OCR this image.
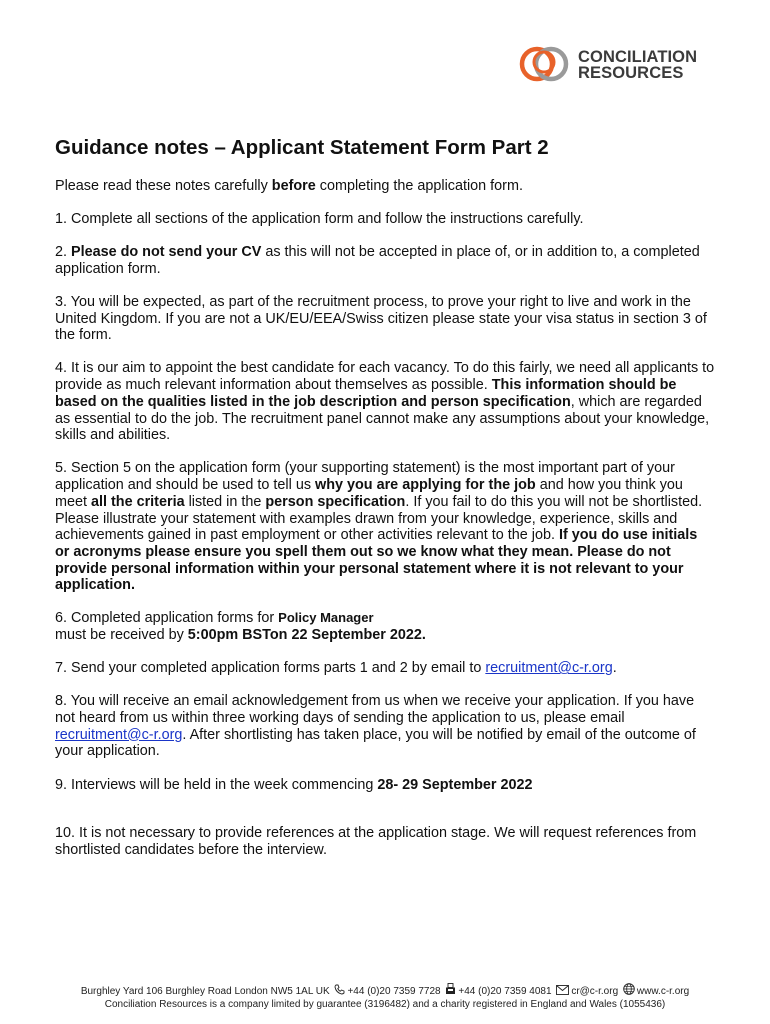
CONCILIATION
RESOURCES
Guidance notes – Applicant Statement Form Part 2

Please read these notes carefully before completing the application form.

1. Complete all sections of the application form and follow the instructions carefully.

2. Please do not send your CV as this will not be accepted in place of, or in addition to, a completed application form.

3. You will be expected, as part of the recruitment process, to prove your right to live and work in the United Kingdom. If you are not a UK/EU/EEA/Swiss citizen please state your visa status in section 3 of the form.

4. It is our aim to appoint the best candidate for each vacancy. To do this fairly, we need all applicants to provide as much relevant information about themselves as possible. This information should be based on the qualities listed in the job description and person specification, which are regarded as essential to do the job. The recruitment panel cannot make any assumptions about your knowledge, skills and abilities.

5. Section 5 on the application form (your supporting statement) is the most important part of your application and should be used to tell us why you are applying for the job and how you think you meet all the criteria listed in the person specification. If you fail to do this you will not be shortlisted. Please illustrate your statement with examples drawn from your knowledge, experience, skills and achievements gained in past employment or other activities relevant to the job. If you do use initials or acronyms please ensure you spell them out so we know what they mean. Please do not provide personal information within your personal statement where it is not relevant to your application.

6. Completed application forms for Policy Manager
must be received by 5:00pm BSTon 22 September 2022.

7. Send your completed application forms parts 1 and 2 by email to recruitment@c-r.org.

8. You will receive an email acknowledgement from us when we receive your application. If you have not heard from us within three working days of sending the application to us, please email recruitment@c-r.org. After shortlisting has taken place, you will be notified by email of the outcome of your application.

9. Interviews will be held in the week commencing 28- 29 September 2022

10. It is not necessary to provide references at the application stage. We will request references from shortlisted candidates before the interview.

Burghley Yard 106 Burghley Road London NW5 1AL UK +44 (0)20 7359 7728 +44 (0)20 7359 4081 cr@c-r.org www.c-r.org
Conciliation Resources is a company limited by guarantee (3196482) and a charity registered in England and Wales (1055436)
